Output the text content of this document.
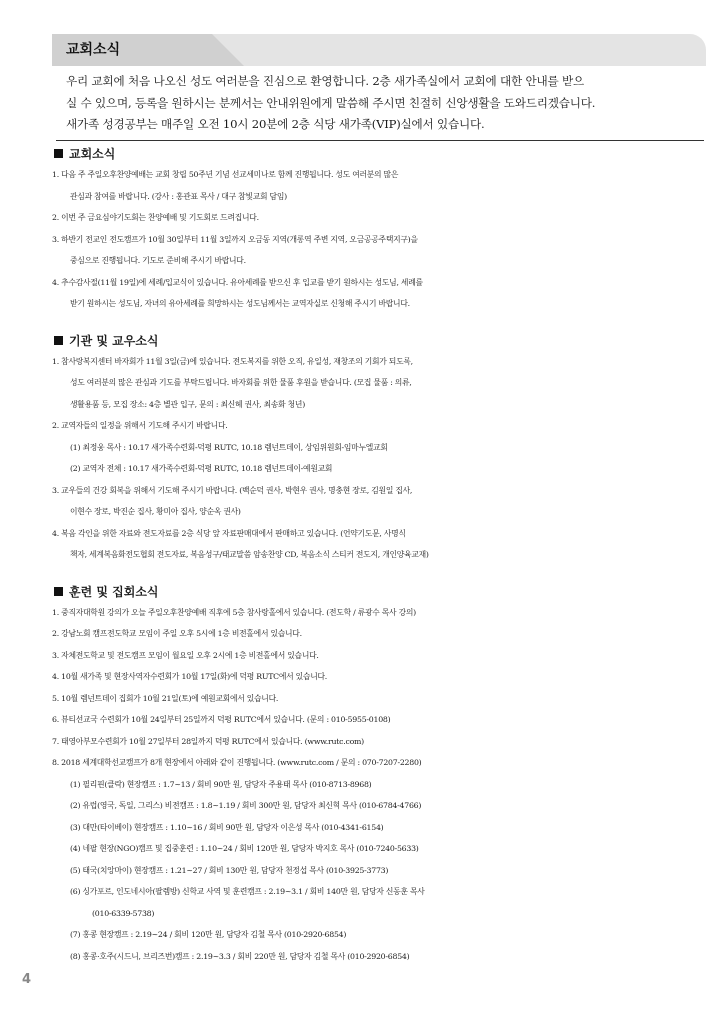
교회소식

우리 교회에 처음 나오신 성도 여러분을 진심으로 환영합니다. 2층 새가족실에서 교회에 대한 안내를 받으

실 수 있으며, 등록을 원하시는 분께서는 안내위원에게 말씀해 주시면 친절히 신앙생활을 도와드리겠습니다.

새가족 성경공부는 매주일 오전 10시 20분에 2층 식당 새가족(VIP)실에서 있습니다.

교회소식
1. 다음 주 주일오후찬양예배는 교회 창립 50주년 기념 선교세미나로 함께 진행됩니다. 성도 여러분의 많은
관심과 참여를 바랍니다. (강사 : 홍관표 목사 / 대구 참빛교회 담임)
2. 이번 주 금요심야기도회는 찬양예배 및 기도회로 드려집니다.
3. 하반기 전교인 전도캠프가 10월 30일부터 11월 3일까지 오금동 지역(개롱역 주변 지역, 오금공공주택지구)을
중심으로 진행됩니다. 기도로 준비해 주시기 바랍니다.
4. 추수감사절(11월 19일)에 세례/입교식이 있습니다. 유아세례를 받으신 후 입교를 받기 원하시는 성도님, 세례를
받기 원하시는 성도님, 자녀의 유아세례를 희망하시는 성도님께서는 교역자실로 신청해 주시기 바랍니다.
기관 및 교우소식
1. 참사랑복지센터 바자회가 11월 3일(금)에 있습니다. 전도복지를 위한 오직, 유일성, 재창조의 기회가 되도록,
성도 여러분의 많은 관심과 기도를 부탁드립니다. 바자회를 위한 물품 후원을 받습니다. (모집 물품 : 의류,
생활용품 등, 모집 장소: 4층 별관 입구, 문의 : 최신헤 권사, 최송화 청년)
2. 교역자들의 일정을 위해서 기도해 주시기 바랍니다.
(1) 최정웅 목사 : 10.17 새가족수련회-덕평 RUTC, 10.18 렘넌트데이, 상임위원회-임마누엘교회
(2) 교역자 전체 : 10.17 새가족수련회-덕평 RUTC, 10.18 렘넌트데이-예원교회
3. 교우들의 건강 회복을 위해서 기도해 주시기 바랍니다. (백순덕 권사, 박현우 권사, 명충현 장로, 김원일 집사,
이현수 장로, 박진순 집사, 황미아 집사, 양순옥 권사)
4. 복음 각인을 위한 자료와 전도자료를 2층 식당 앞 자료판매대에서 판매하고 있습니다. (언약기도문, 사명식
책자, 세계복음화전도협회 전도자료, 복음성구/태교말씀 암송찬양 CD, 복음소식 스티커 전도지, 개인양육교재)
훈련 및 집회소식
1. 중직자대학원 강의가 오늘 주일오후찬양예배 직후에 5층 참사랑홀에서 있습니다. (전도학 / 류광수 목사 강의)
2. 강남노회 캠프전도학교 모임이 주일 오후 5시에 1층 비전홀에서 있습니다.
3. 자체전도학교 및 전도캠프 모임이 월요일 오후 2시에 1층 비전홀에서 있습니다.
4. 10월 새가족 및 현장사역자수련회가 10월 17일(화)에 덕평 RUTC에서 있습니다.
5. 10월 렘넌트데이 집회가 10월 21일(토)에 예원교회에서 있습니다.
6. 뷰티선교국 수련회가 10월 24일부터 25일까지 덕평 RUTC에서 있습니다. (문의 : 010-5955-0108)
7. 태영아부모수련회가 10월 27일부터 28일까지 덕평 RUTC에서 있습니다. (www.rutc.com)
8. 2018 세계대학선교캠프가 8개 현장에서 아래와 같이 진행됩니다. (www.rutc.com / 문의 : 070-7207-2280)
(1) 필리핀(클락) 현장캠프 : 1.7~13 / 회비 90만 원, 담당자 주용태 목사 (010-8713-8968)
(2) 유럽(영국, 독일, 그리스) 비전캠프 : 1.8~1.19 / 회비 300만 원, 담당자 최신혁 목사 (010-6784-4766)
(3) 대만(타이베이) 현장캠프 : 1.10~16 / 회비 90만 원, 담당자 이은성 목사 (010-4341-6154)
(4) 네팔 현장(NGO)캠프 및 집중훈련 : 1.10~24 / 회비 120만 원, 담당자 박지호 목사 (010-7240-5633)
(5) 태국(치앙마이) 현장캠프 : 1.21~27 / 회비 130만 원, 담당자 천정섭 목사 (010-3925-3773)
(6) 싱가포르, 인도네시아(팔렘방) 신학교 사역 및 훈련캠프 : 2.19~3.1 / 회비 140만 원, 담당자 신동훈 목사
(010-6339-5738)
(7) 홍콩 현장캠프 : 2.19~24 / 회비 120만 원, 담당자 김철 목사 (010-2920-6854)
(8) 홍콩·호주(시드니, 브리즈번)캠프 : 2.19~3.3 / 회비 220만 원, 담당자 김철 목사 (010-2920-6854)
4
